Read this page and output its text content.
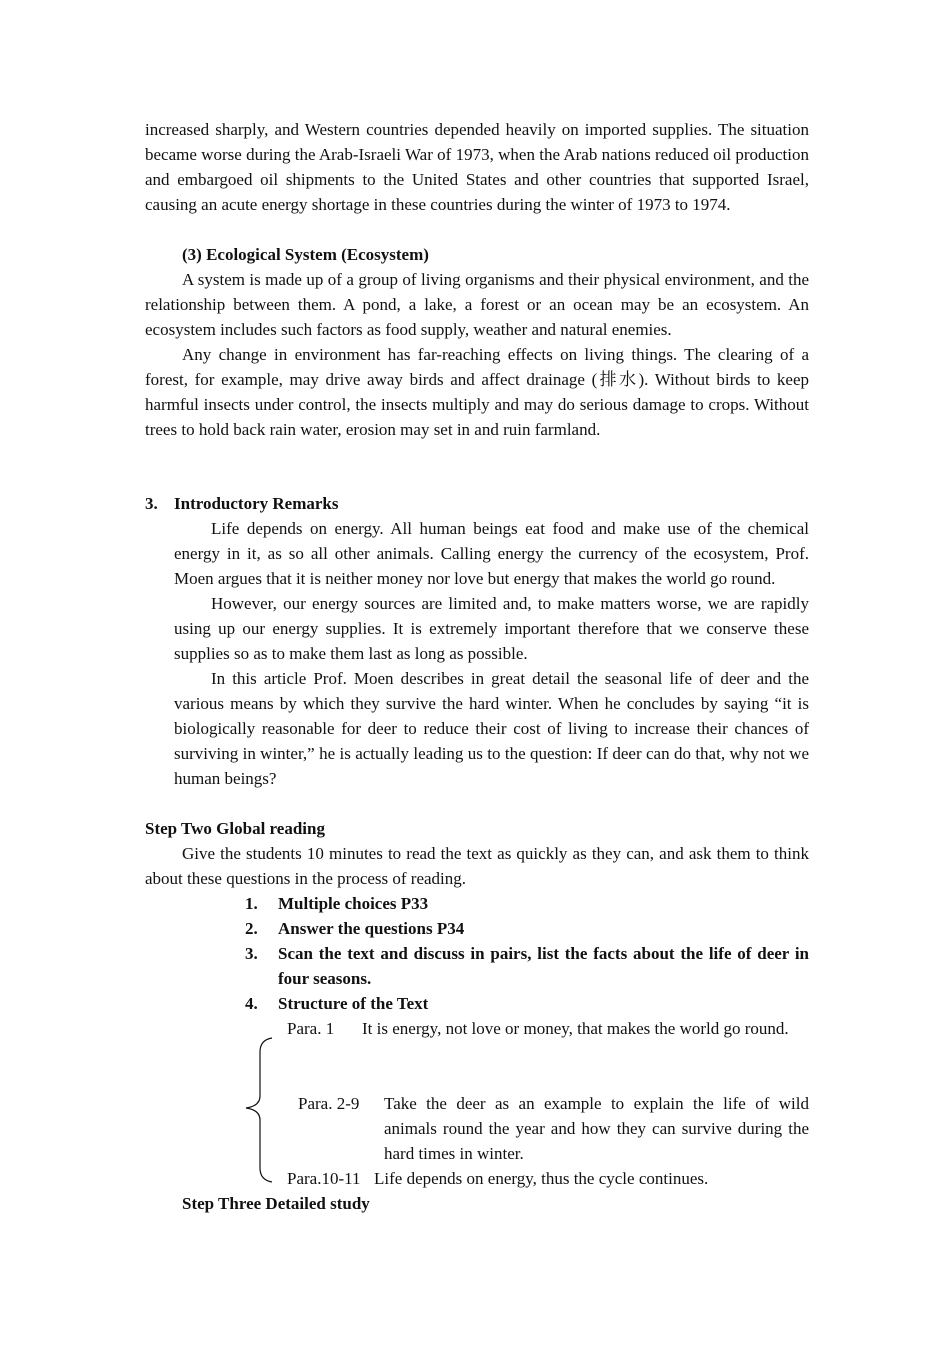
increased sharply, and Western countries depended heavily on imported supplies. The situation became worse during the Arab-Israeli War of 1973, when the Arab nations reduced oil production and embargoed oil shipments to the United States and other countries that supported Israel, causing an acute energy shortage in these countries during the winter of 1973 to 1974.

(3) Ecological System (Ecosystem)

A system is made up of a group of living organisms and their physical environment, and the relationship between them. A pond, a lake, a forest or an ocean may be an ecosystem. An ecosystem includes such factors as food supply, weather and natural enemies.

Any change in environment has far-reaching effects on living things. The clearing of a forest, for example, may drive away birds and affect drainage (排水). Without birds to keep harmful insects under control, the insects multiply and may do serious damage to crops. Without trees to hold back rain water, erosion may set in and ruin farmland.

3. Introductory Remarks

Life depends on energy. All human beings eat food and make use of the chemical energy in it, as so all other animals. Calling energy the currency of the ecosystem, Prof. Moen argues that it is neither money nor love but energy that makes the world go round.

However, our energy sources are limited and, to make matters worse, we are rapidly using up our energy supplies. It is extremely important therefore that we conserve these supplies so as to make them last as long as possible.

In this article Prof. Moen describes in great detail the seasonal life of deer and the various means by which they survive the hard winter. When he concludes by saying “it is biologically reasonable for deer to reduce their cost of living to increase their chances of surviving in winter,” he is actually leading us to the question: If deer can do that, why not we human beings?

Step Two Global reading

Give the students 10 minutes to read the text as quickly as they can, and ask them to think about these questions in the process of reading.

1.	Multiple choices P33
2.	Answer the questions P34
3.	Scan the text and discuss in pairs, list the facts about the life of deer in four seasons.
4.	Structure of the Text
Para. 1	It is energy, not love or money, that makes the world go round.
Para. 2-9	Take the deer as an example to explain the life of wild animals round the year and how they can survive during the hard times in winter.
Para.10-11 Life depends on energy, thus the cycle continues.

Step Three Detailed study
